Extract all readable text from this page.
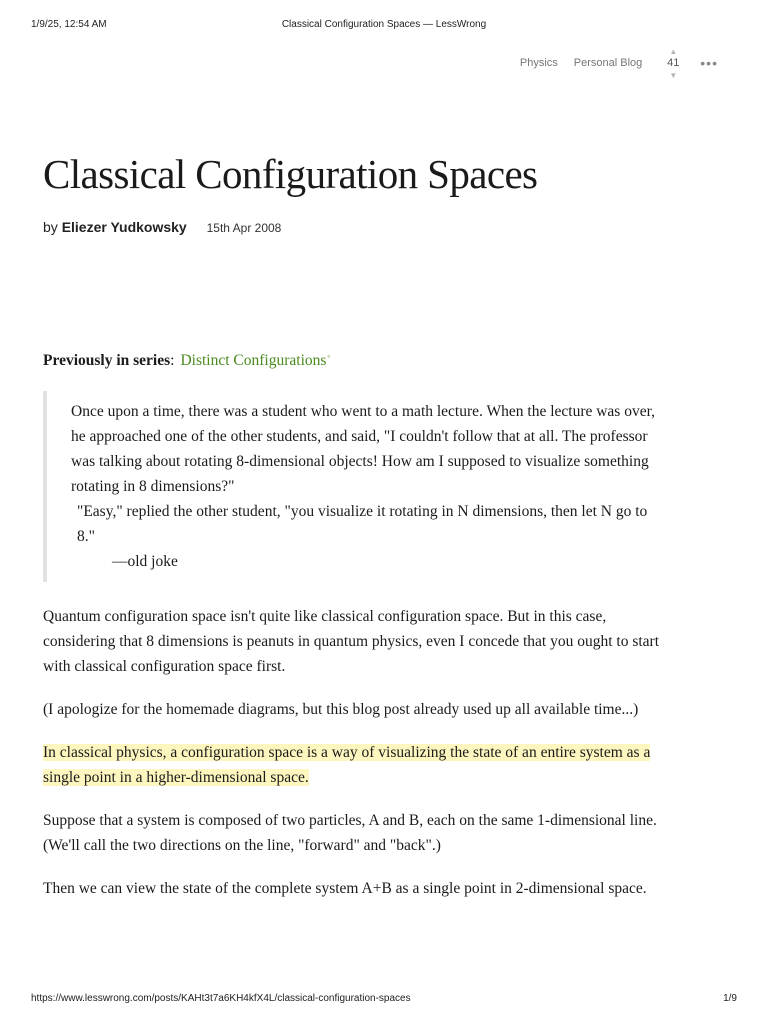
1/9/25, 12:54 AM	Classical Configuration Spaces — LessWrong
Physics Personal Blog
▲
41
▼
•••
Classical Configuration Spaces
by Eliezer Yudkowsky 15th Apr 2008

Previously in series: Distinct Configurations°

Once upon a time, there was a student who went to a math lecture. When the lecture was over, he approached one of the other students, and said, "I couldn't follow that at all. The professor was talking about rotating 8-dimensional objects! How am I supposed to visualize something rotating in 8 dimensions?"
"Easy," replied the other student, "you visualize it rotating in N dimensions, then let N go to 8."
—old joke

Quantum configuration space isn't quite like classical configuration space. But in this case, considering that 8 dimensions is peanuts in quantum physics, even I concede that you ought to start with classical configuration space first.

(I apologize for the homemade diagrams, but this blog post already used up all available time...)

In classical physics, a configuration space is a way of visualizing the state of an entire system as a single point in a higher-dimensional space.

Suppose that a system is composed of two particles, A and B, each on the same 1-dimensional line. (We'll call the two directions on the line, "forward" and "back".)

Then we can view the state of the complete system A+B as a single point in 2-dimensional space.

https://www.lesswrong.com/posts/KAHt3t7a6KH4kfX4L/classical-configuration-spaces	1/9
